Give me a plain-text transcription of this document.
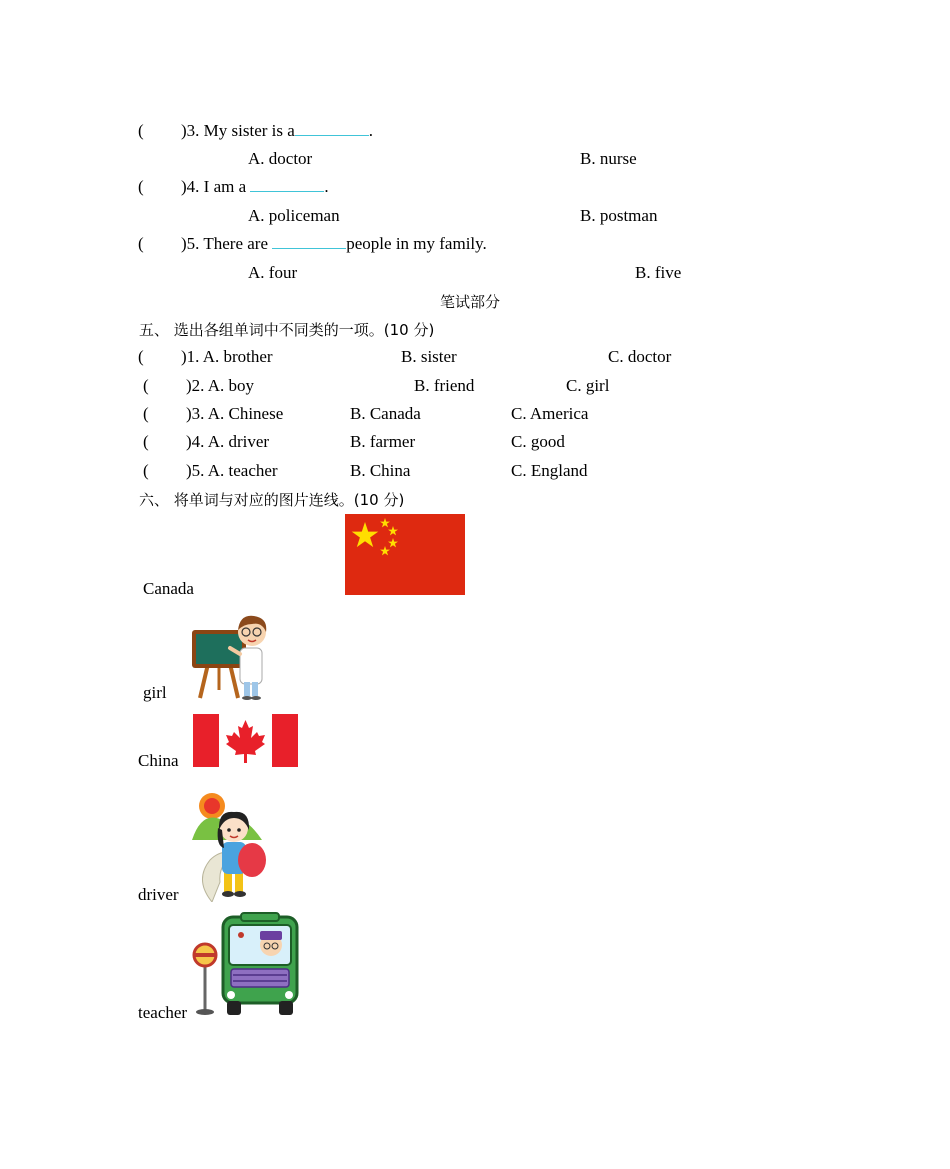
( )3. My sister is a	.
A. doctor	B. nurse
( )4. I am a	.
A. policeman	B. postman
( )5. There are	people in my family.
A. four	B. five
笔试部分
五、 选出各组单词中不同类的一项。(10 分)
( )1. A. brother	B. sister	C. doctor
( )2. A. boy	B. friend	C. girl
( )3. A. Chinese	B. Canada	C. America
( )4. A. driver	B. farmer	C. good
( )5. A. teacher	B. China	C. England
六、 将单词与对应的图片连线。(10 分)
Canada
girl
China
driver
teacher
